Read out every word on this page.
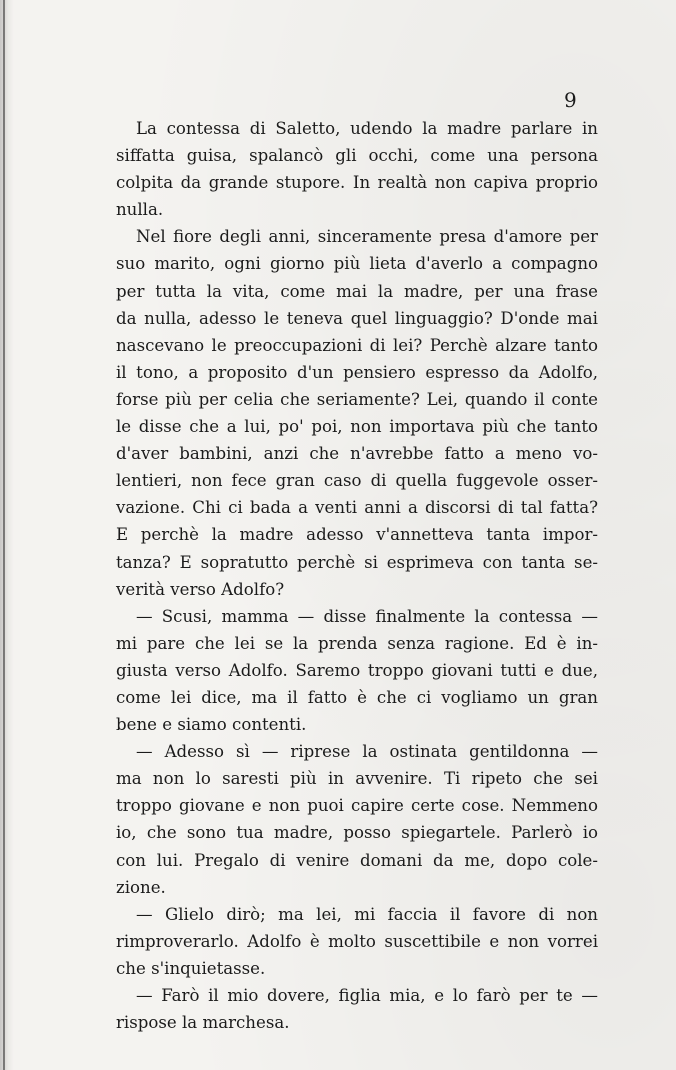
9
La contessa di Saletto, udendo la madre parlare in
siffatta guisa, spalancò gli occhi, come una persona
colpita da grande stupore. In realtà non capiva proprio
nulla.
Nel fiore degli anni, sinceramente presa d'amore per
suo marito, ogni giorno più lieta d'averlo a compagno
per tutta la vita, come mai la madre, per una frase
da nulla, adesso le teneva quel linguaggio? D'onde mai
nascevano le preoccupazioni di lei? Perchè alzare tanto
il tono, a proposito d'un pensiero espresso da Adolfo,
forse più per celia che seriamente? Lei, quando il conte
le disse che a lui, po' poi, non importava più che tanto
d'aver bambini, anzi che n'avrebbe fatto a meno vo-
lentieri, non fece gran caso di quella fuggevole osser-
vazione. Chi ci bada a venti anni a discorsi di tal fatta?
E perchè la madre adesso v'annetteva tanta impor-
tanza? E sopratutto perchè si esprimeva con tanta se-
verità verso Adolfo?
— Scusi, mamma — disse finalmente la contessa —
mi pare che lei se la prenda senza ragione. Ed è in-
giusta verso Adolfo. Saremo troppo giovani tutti e due,
come lei dice, ma il fatto è che ci vogliamo un gran
bene e siamo contenti.
— Adesso sì — riprese la ostinata gentildonna —
ma non lo saresti più in avvenire. Ti ripeto che sei
troppo giovane e non puoi capire certe cose. Nemmeno
io, che sono tua madre, posso spiegartele. Parlerò io
con lui. Pregalo di venire domani da me, dopo cole-
zione.
— Glielo dirò; ma lei, mi faccia il favore di non
rimproverarlo. Adolfo è molto suscettibile e non vorrei
che s'inquietasse.
— Farò il mio dovere, figlia mia, e lo farò per te —
rispose la marchesa.
